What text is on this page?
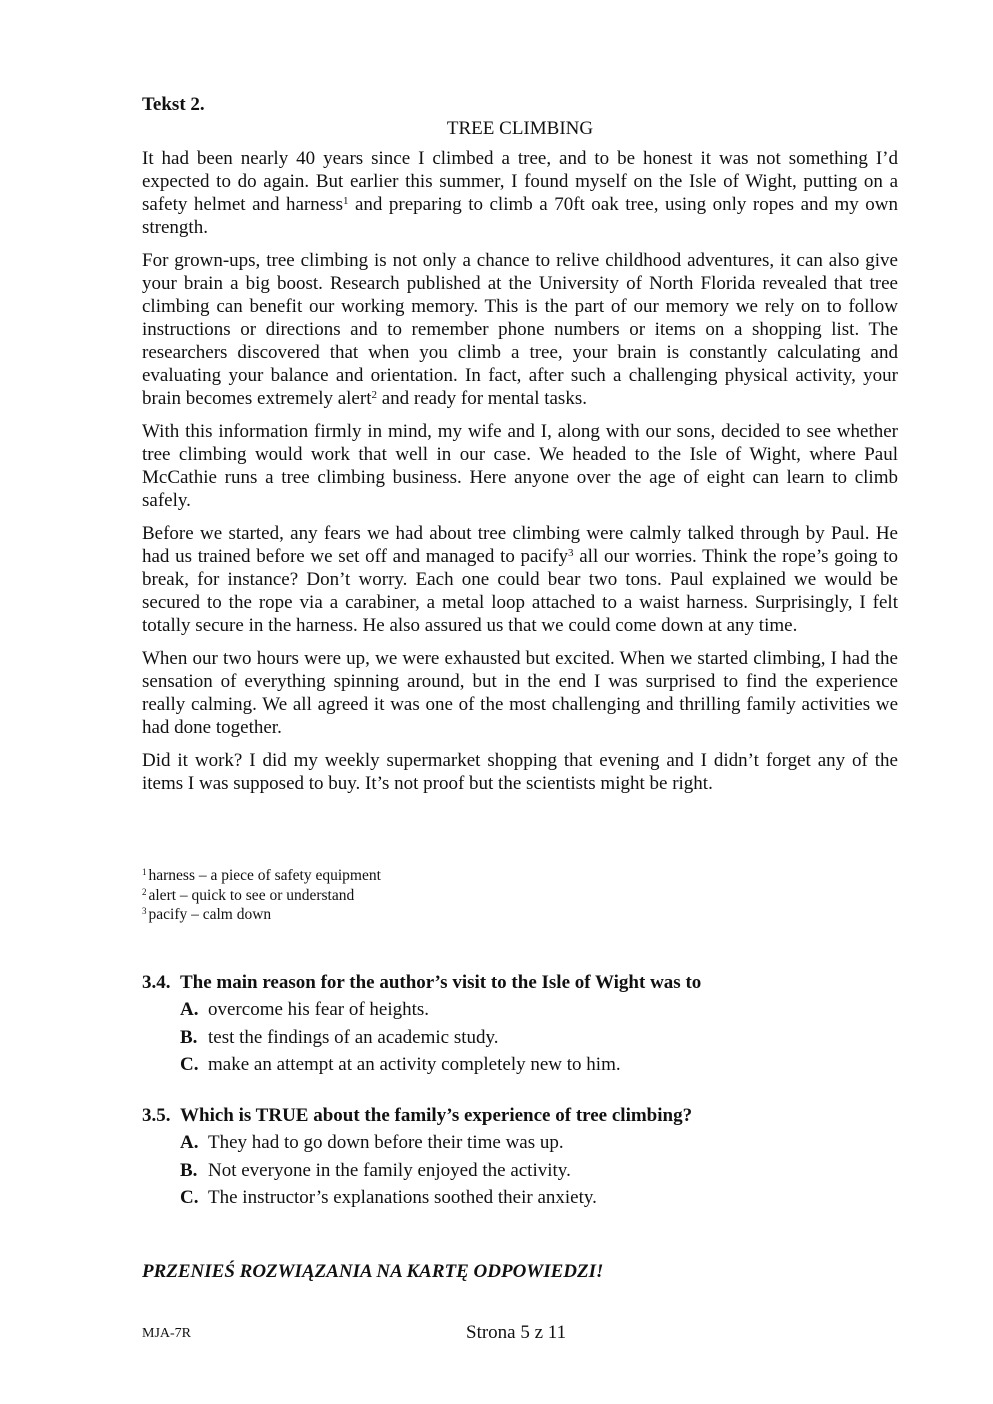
Tekst 2.

TREE CLIMBING

It had been nearly 40 years since I climbed a tree, and to be honest it was not something I’d expected to do again. But earlier this summer, I found myself on the Isle of Wight, putting on a safety helmet and harness$^1$ and preparing to climb a 70ft oak tree, using only ropes and my own strength.

For grown-ups, tree climbing is not only a chance to relive childhood adventures, it can also give your brain a big boost. Research published at the University of North Florida revealed that tree climbing can benefit our working memory. This is the part of our memory we rely on to follow instructions or directions and to remember phone numbers or items on a shopping list. The researchers discovered that when you climb a tree, your brain is constantly calculating and evaluating your balance and orientation. In fact, after such a challenging physical activity, your brain becomes extremely alert$^2$ and ready for mental tasks.

With this information firmly in mind, my wife and I, along with our sons, decided to see whether tree climbing would work that well in our case. We headed to the Isle of Wight, where Paul McCathie runs a tree climbing business. Here anyone over the age of eight can learn to climb safely.

Before we started, any fears we had about tree climbing were calmly talked through by Paul. He had us trained before we set off and managed to pacify$^3$ all our worries. Think the rope’s going to break, for instance? Don’t worry. Each one could bear two tons. Paul explained we would be secured to the rope via a carabiner, a metal loop attached to a waist harness. Surprisingly, I felt totally secure in the harness. He also assured us that we could come down at any time.

When our two hours were up, we were exhausted but excited. When we started climbing, I had the sensation of everything spinning around, but in the end I was surprised to find the experience really calming. We all agreed it was one of the most challenging and thrilling family activities we had done together.

Did it work? I did my weekly supermarket shopping that evening and I didn’t forget any of the items I was supposed to buy. It’s not proof but the scientists might be right.

$^1$ harness – a piece of safety equipment
$^2$ alert – quick to see or understand
$^3$ pacify – calm down
3.4. The main reason for the author’s visit to the Isle of Wight was to
A. overcome his fear of heights.
B. test the findings of an academic study.
C. make an attempt at an activity completely new to him.
3.5. Which is TRUE about the family’s experience of tree climbing?
A. They had to go down before their time was up.
B. Not everyone in the family enjoyed the activity.
C. The instructor’s explanations soothed their anxiety.
PRZENIEŚ ROZWIĄZANIA NA KARTĘ ODPOWIEDZI!
MJA-7R	Strona 5 z 11
